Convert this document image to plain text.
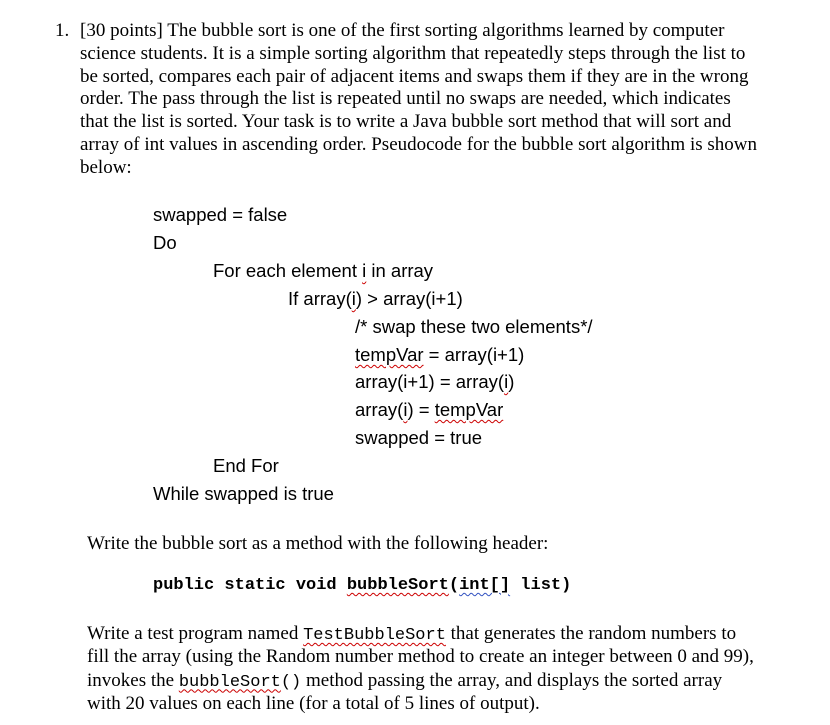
1. [30 points] The bubble sort is one of the first sorting algorithms learned by computer
science students. It is a simple sorting algorithm that repeatedly steps through the list to
be sorted, compares each pair of adjacent items and swaps them if they are in the wrong
order. The pass through the list is repeated until no swaps are needed, which indicates
that the list is sorted. Your task is to write a Java bubble sort method that will sort and
array of int values in ascending order. Pseudocode for the bubble sort algorithm is shown
below:
swapped = false
Do
For each element i in array
If array(i) > array(i+1)
/* swap these two elements*/
tempVar = array(i+1)
array(i+1) = array(i)
array(i) = tempVar
swapped = true
End For
While swapped is true
Write the bubble sort as a method with the following header:
public static void bubbleSort(int[] list)
Write a test program named TestBubbleSort that generates the random numbers to
fill the array (using the Random number method to create an integer between 0 and 99),
invokes the bubbleSort() method passing the array, and displays the sorted array
with 20 values on each line (for a total of 5 lines of output).
